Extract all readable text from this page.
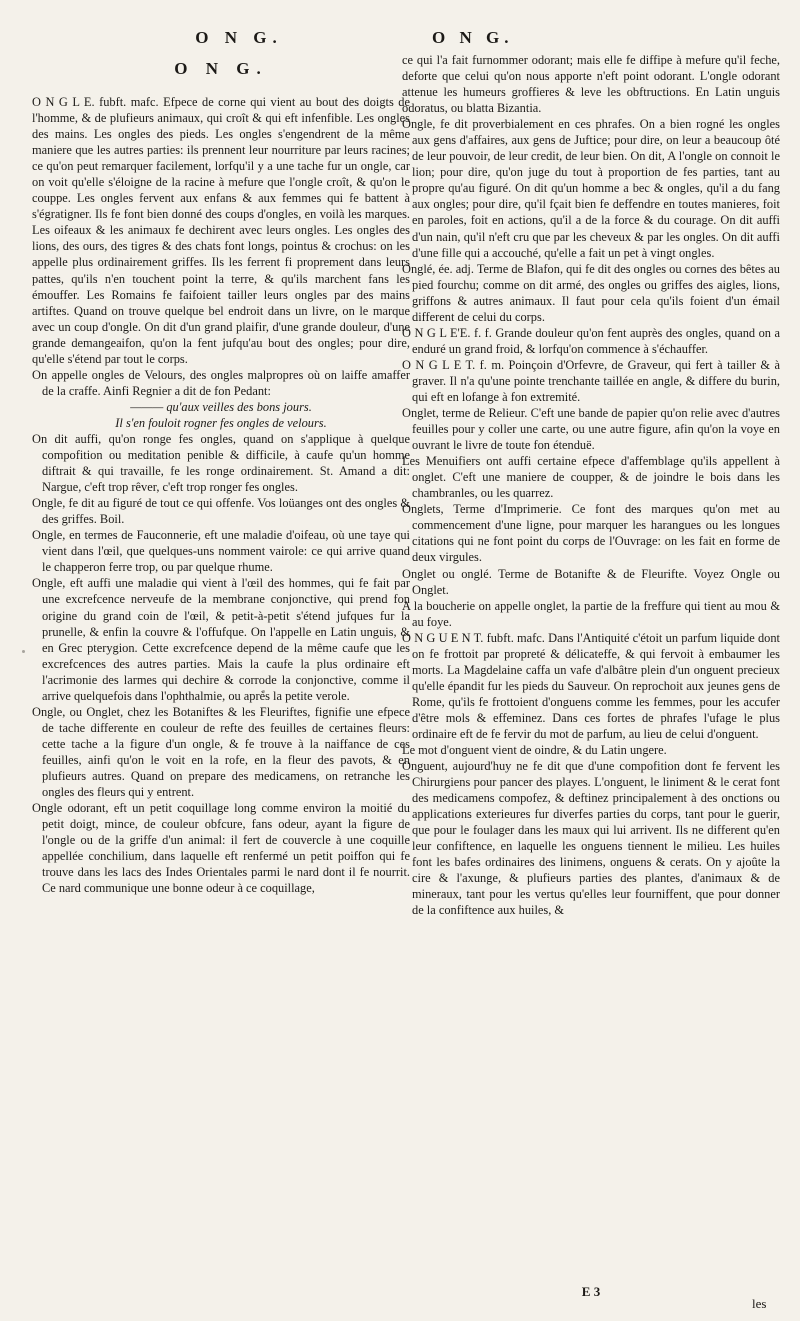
O N G.
O N G.

O N G L E. fubft. mafc. Efpece de corne qui vient au bout des doigts de l'homme, & de plufieurs animaux, qui croît & qui eft infenfible. Les ongles des mains. Les ongles des pieds. Les ongles s'engendrent de la même maniere que les autres parties: ils prennent leur nourriture par leurs racines; ce qu'on peut remarquer facilement, lorfqu'il y a une tache fur un ongle, car on voit qu'elle s'éloigne de la racine à mefure que l'ongle croît, & qu'on le couppe. Les ongles fervent aux enfans & aux femmes qui fe battent à s'égratigner. Ils fe font bien donné des coups d'ongles, en voilà les marques. Les oifeaux & les animaux fe dechirent avec leurs ongles. Les ongles des lions, des ours, des tigres & des chats font longs, pointus & crochus: on les appelle plus ordinairement griffes. Ils les ferrent fi proprement dans leurs pattes, qu'ils n'en touchent point la terre, & qu'ils marchent fans les émouffer. Les Romains fe faifoient tailler leurs ongles par des mains artiftes. Quand on trouve quelque bel endroit dans un livre, on le marque avec un coup d'ongle. On dit d'un grand plaifir, d'une grande douleur, d'une grande demangeaifon, qu'on la fent jufqu'au bout des ongles; pour dire, qu'elle s'étend par tout le corps.

On appelle ongles de Velours, des ongles malpropres où on laiffe amaffer de la craffe. Ainfi Regnier a dit de fon Pedant:

——— qu'aux veilles des bons jours.

Il s'en fouloit rogner fes ongles de velours.

On dit auffi, qu'on ronge fes ongles, quand on s'applique à quelque compofition ou meditation penible & difficile, à caufe qu'un homme diftrait & qui travaille, fe les ronge ordinairement. St. Amand a dit: Nargue, c'eft trop rêver, c'eft trop ronger fes ongles.

Ongle, fe dit au figuré de tout ce qui offenfe. Vos loüanges ont des ongles & des griffes. Boil.

Ongle, en termes de Fauconnerie, eft une maladie d'oifeau, où une taye qui vient dans l'œil, que quelques-uns nomment vairole: ce qui arrive quand le chapperon ferre trop, ou par quelque rhume.

Ongle, eft auffi une maladie qui vient à l'œil des hommes, qui fe fait par une excrefcence nerveufe de la membrane conjonctive, qui prend fon origine du grand coin de l'œil, & petit-à-petit s'étend jufques fur la prunelle, & enfin la couvre & l'offufque. On l'appelle en Latin unguis, & en Grec pterygion. Cette excrefcence depend de la même caufe que les excrefcences des autres parties. Mais la caufe la plus ordinaire eft l'acrimonie des larmes qui dechire & corrode la conjonctive, comme il arrive quelquefois dans l'ophthalmie, ou après la petite verole.

Ongle, ou Onglet, chez les Botaniftes & les Fleuriftes, fignifie une efpece de tache differente en couleur de refte des feuilles de certaines fleurs: cette tache a la figure d'un ongle, & fe trouve à la naiffance de ces feuilles, ainfi qu'on le voit en la rofe, en la fleur des pavots, & en plufieurs autres. Quand on prepare des medicamens, on retranche les ongles des fleurs qui y entrent.

Ongle odorant, eft un petit coquillage long comme environ la moitié du petit doigt, mince, de couleur obfcure, fans odeur, ayant la figure de l'ongle ou de la griffe d'un animal: il fert de couvercle à une coquille appellée conchilium, dans laquelle eft renfermé un petit poiffon qui fe trouve dans les lacs des Indes Orientales parmi le nard dont il fe nourrit. Ce nard communique une bonne odeur à ce coquillage,

O N G.

ce qui l'a fait furnommer odorant; mais elle fe diffipe à mefure qu'il feche, deforte que celui qu'on nous apporte n'eft point odorant. L'ongle odorant attenue les humeurs groffieres & leve les obftructions. En Latin unguis odoratus, ou blatta Bizantia.

Ongle, fe dit proverbialement en ces phrafes. On a bien rogné les ongles aux gens d'affaires, aux gens de Juftice; pour dire, on leur a beaucoup ôté de leur pouvoir, de leur credit, de leur bien. On dit, A l'ongle on connoit le lion; pour dire, qu'on juge du tout à proportion de fes parties, tant au propre qu'au figuré. On dit qu'un homme a bec & ongles, qu'il a du fang aux ongles; pour dire, qu'il fçait bien fe deffendre en toutes manieres, foit en paroles, foit en actions, qu'il a de la force & du courage. On dit auffi d'un nain, qu'il n'eft cru que par les cheveux & par les ongles. On dit auffi d'une fille qui a accouché, qu'elle a fait un pet à vingt ongles.

Onglé, ée. adj. Terme de Blafon, qui fe dit des ongles ou cornes des bêtes au pied fourchu; comme on dit armé, des ongles ou griffes des aigles, lions, griffons & autres animaux. Il faut pour cela qu'ils foient d'un émail different de celui du corps.

O N G L E'E. f. f. Grande douleur qu'on fent auprès des ongles, quand on a enduré un grand froid, & lorfqu'on commence à s'échauffer.

O N G L E T. f. m. Poinçoin d'Orfevre, de Graveur, qui fert à tailler & à graver. Il n'a qu'une pointe trenchante taillée en angle, & differe du burin, qui eft en lofange à fon extremité.

Onglet, terme de Relieur. C'eft une bande de papier qu'on relie avec d'autres feuilles pour y coller une carte, ou une autre figure, afin qu'on la voye en ouvrant le livre de toute fon étenduë.

Les Menuifiers ont auffi certaine efpece d'affemblage qu'ils appellent à onglet. C'eft une maniere de coupper, & de joindre le bois dans les chambranles, ou les quarrez.

Onglets, Terme d'Imprimerie. Ce font des marques qu'on met au commencement d'une ligne, pour marquer les harangues ou les longues citations qui ne font point du corps de l'Ouvrage: on les fait en forme de deux virgules.

Onglet ou onglé. Terme de Botanifte & de Fleurifte. Voyez Ongle ou Onglet.

A la boucherie on appelle onglet, la partie de la freffure qui tient au mou & au foye.

O N G U E N T. fubft. mafc. Dans l'Antiquité c'étoit un parfum liquide dont on fe frottoit par propreté & délicateffe, & qui fervoit à embaumer les morts. La Magdelaine caffa un vafe d'albâtre plein d'un onguent precieux qu'elle épandit fur les pieds du Sauveur. On reprochoit aux jeunes gens de Rome, qu'ils fe frottoient d'onguens comme les femmes, pour les accufer d'être mols & effeminez. Dans ces fortes de phrafes l'ufage le plus ordinaire eft de fe fervir du mot de parfum, au lieu de celui d'onguent.

Le mot d'onguent vient de oindre, & du Latin ungere.

Onguent, aujourd'huy ne fe dit que d'une compofition dont fe fervent les Chirurgiens pour pancer des playes. L'onguent, le liniment & le cerat font des medicamens compofez, & deftinez principalement à des onctions ou applications exterieures fur diverfes parties du corps, tant pour le guerir, que pour le foulager dans les maux qui lui arrivent. Ils ne different qu'en leur confiftence, en laquelle les onguens tiennent le milieu. Les huiles font les bafes ordinaires des linimens, onguens & cerats. On y ajoûte la cire & l'axunge, & plufieurs parties des plantes, d'animaux & de mineraux, tant pour les vertus qu'elles leur fourniffent, que pour donner de la confiftence aux huiles, &

E 3
les
